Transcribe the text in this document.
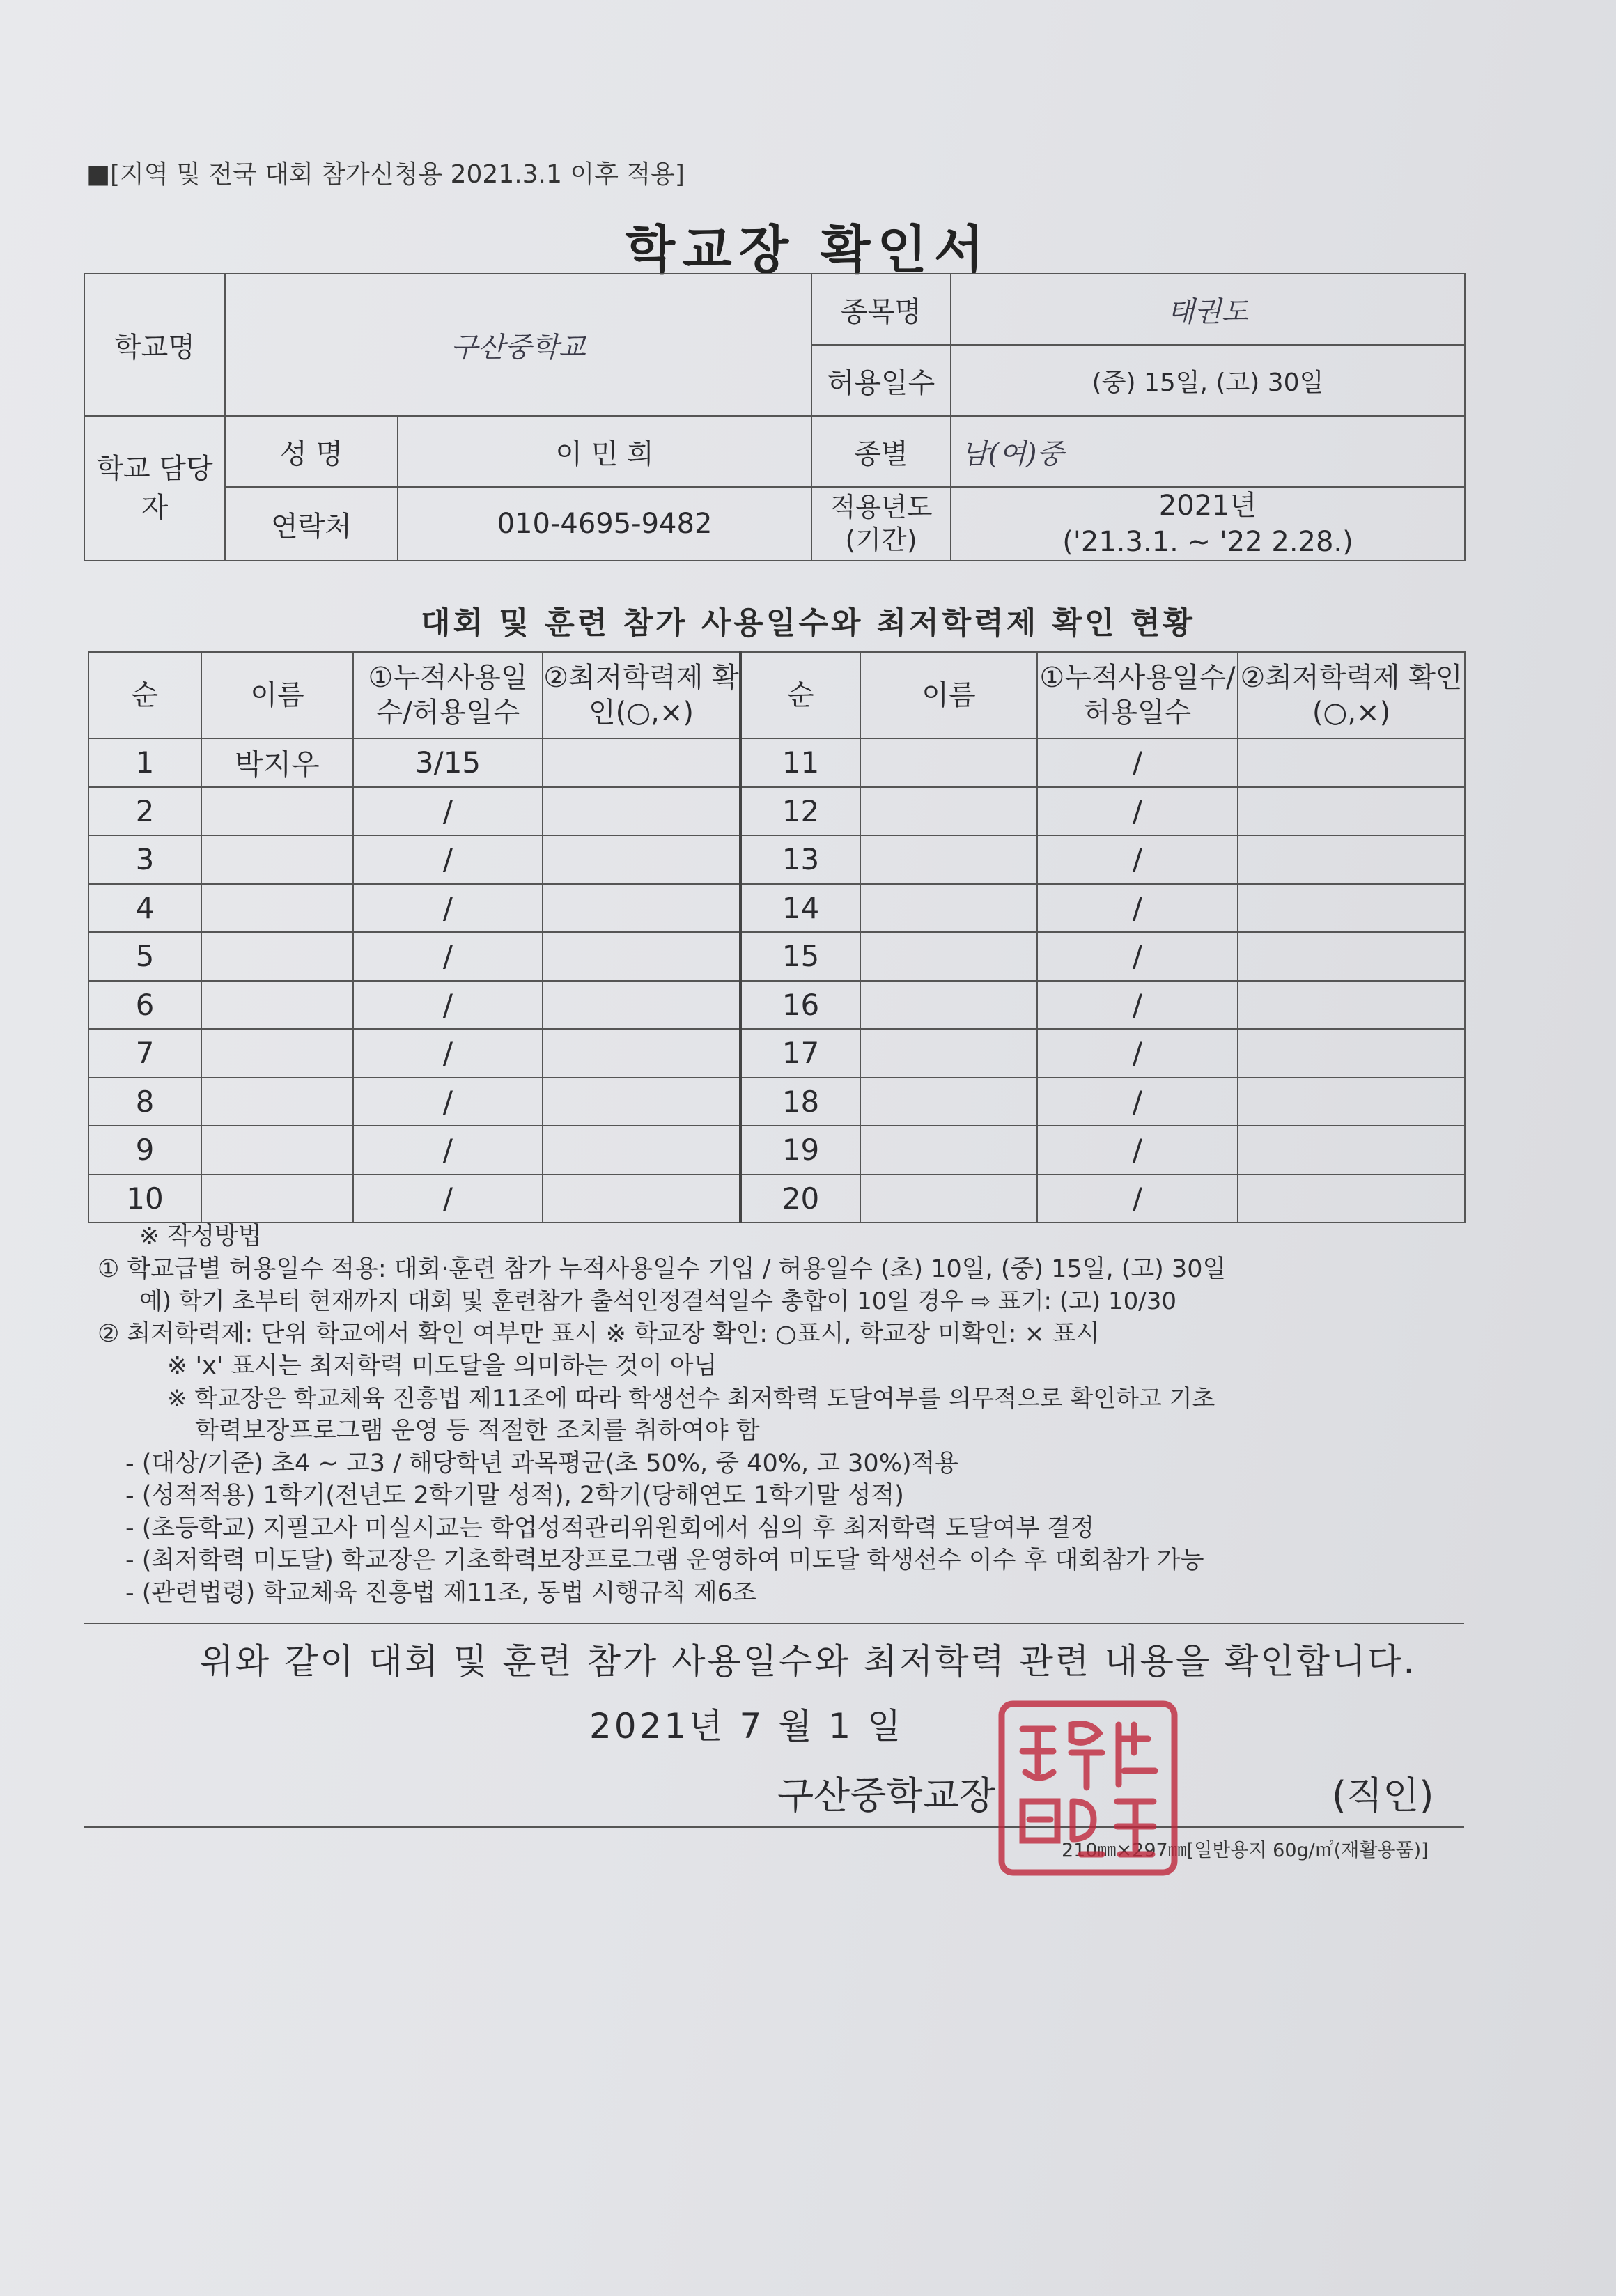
■[지역 및 전국 대회 참가신청용 2021.3.1 이후 적용]
학교장 확인서
학교명	구산중학교		종목명	태권도
			허용일수	(중) 15일, (고) 30일
학교 담당자	성 명	이 민 희	종별	남(여)중
	연락처	010-4695-9482	적용년도 (기간)	2021년
('21.3.1. ~ '22 2.28.)
대회 및 훈련 참가 사용일수와 최저학력제 확인 현황
순	이름	①누적사용일수/허용일수	②최저학력제 확인(○,×)	순	이름	①누적사용일수/허용일수	②최저학력제 확인(○,×)
1	박지우	3/15		11		/	
2		/		12		/	
3		/		13		/	
4		/		14		/	
5		/		15		/	
6		/		16		/	
7		/		17		/	
8		/		18		/	
9		/		19		/	
10		/		20		/	
※ 작성방법
① 학교급별 허용일수 적용: 대회·훈련 참가 누적사용일수 기입 / 허용일수 (초) 10일, (중) 15일, (고) 30일
예) 학기 초부터 현재까지 대회 및 훈련참가 출석인정결석일수 총합이 10일 경우 ⇨ 표기: (고) 10/30
② 최저학력제: 단위 학교에서 확인 여부만 표시 ※ 학교장 확인: ○표시, 학교장 미확인: × 표시
※ 'x' 표시는 최저학력 미도달을 의미하는 것이 아님
※ 학교장은 학교체육 진흥법 제11조에 따라 학생선수 최저학력 도달여부를 의무적으로 확인하고 기초
학력보장프로그램 운영 등 적절한 조치를 취하여야 함
- (대상/기준) 초4 ~ 고3 / 해당학년 과목평균(초 50%, 중 40%, 고 30%)적용
- (성적적용) 1학기(전년도 2학기말 성적), 2학기(당해연도 1학기말 성적)
- (초등학교) 지필고사 미실시교는 학업성적관리위원회에서 심의 후 최저학력 도달여부 결정
- (최저학력 미도달) 학교장은 기초학력보장프로그램 운영하여 미도달 학생선수 이수 후 대회참가 가능
- (관련법령) 학교체육 진흥법 제11조, 동법 시행규칙 제6조
위와 같이 대회 및 훈련 참가 사용일수와 최저학력 관련 내용을 확인합니다.
2021년 7 월 1 일
구산중학교장	(직인)
210㎜×297㎜[일반용지 60g/㎡(재활용품)]
